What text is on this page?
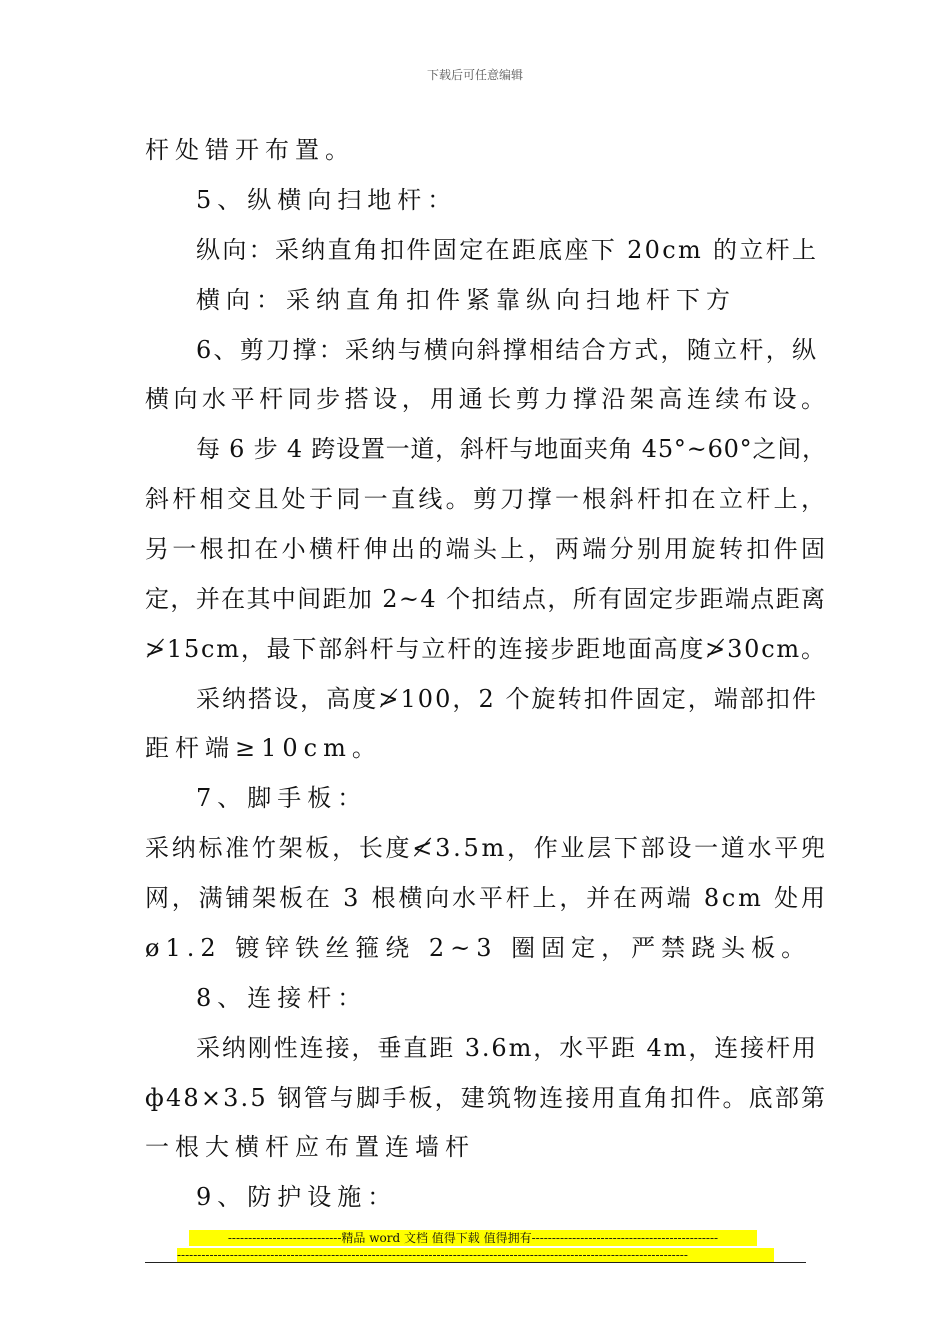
下载后可任意编辑
杆处错开布置。
5、纵横向扫地杆：
纵向：采纳直角扣件固定在距底座下 20cm 的立杆上
横向：采纳直角扣件紧靠纵向扫地杆下方
6、剪刀撑：采纳与横向斜撑相结合方式，随立杆，纵
横向水平杆同步搭设，用通长剪力撑沿架高连续布设。
每 6 步 4 跨设置一道，斜杆与地面夹角 45°~60°之间，
斜杆相交且处于同一直线。剪刀撑一根斜杆扣在立杆上，
另一根扣在小横杆伸出的端头上，两端分别用旋转扣件固
定，并在其中间距加 2~4 个扣结点，所有固定步距端点距离
≯15cm，最下部斜杆与立杆的连接步距地面高度≯30cm。
采纳搭设，高度≯100，2 个旋转扣件固定，端部扣件
距杆端≥10cm。
7、脚手板：
采纳标准竹架板，长度≮3.5m，作业层下部设一道水平兜
网，满铺架板在 3 根横向水平杆上，并在两端 8cm 处用
ø1.2 镀锌铁丝箍绕 2~3 圈固定，严禁跷头板。
8、连接杆：
采纳刚性连接，垂直距 3.6m，水平距 4m，连接杆用
ф48×3.5 钢管与脚手板，建筑物连接用直角扣件。底部第
一根大横杆应布置连墙杆
9、防护设施：
----------------------------精品 word 文档 值得下载 值得拥有----------------------------------------------
------------------------------------------------------------------------------------------------------------------------------
